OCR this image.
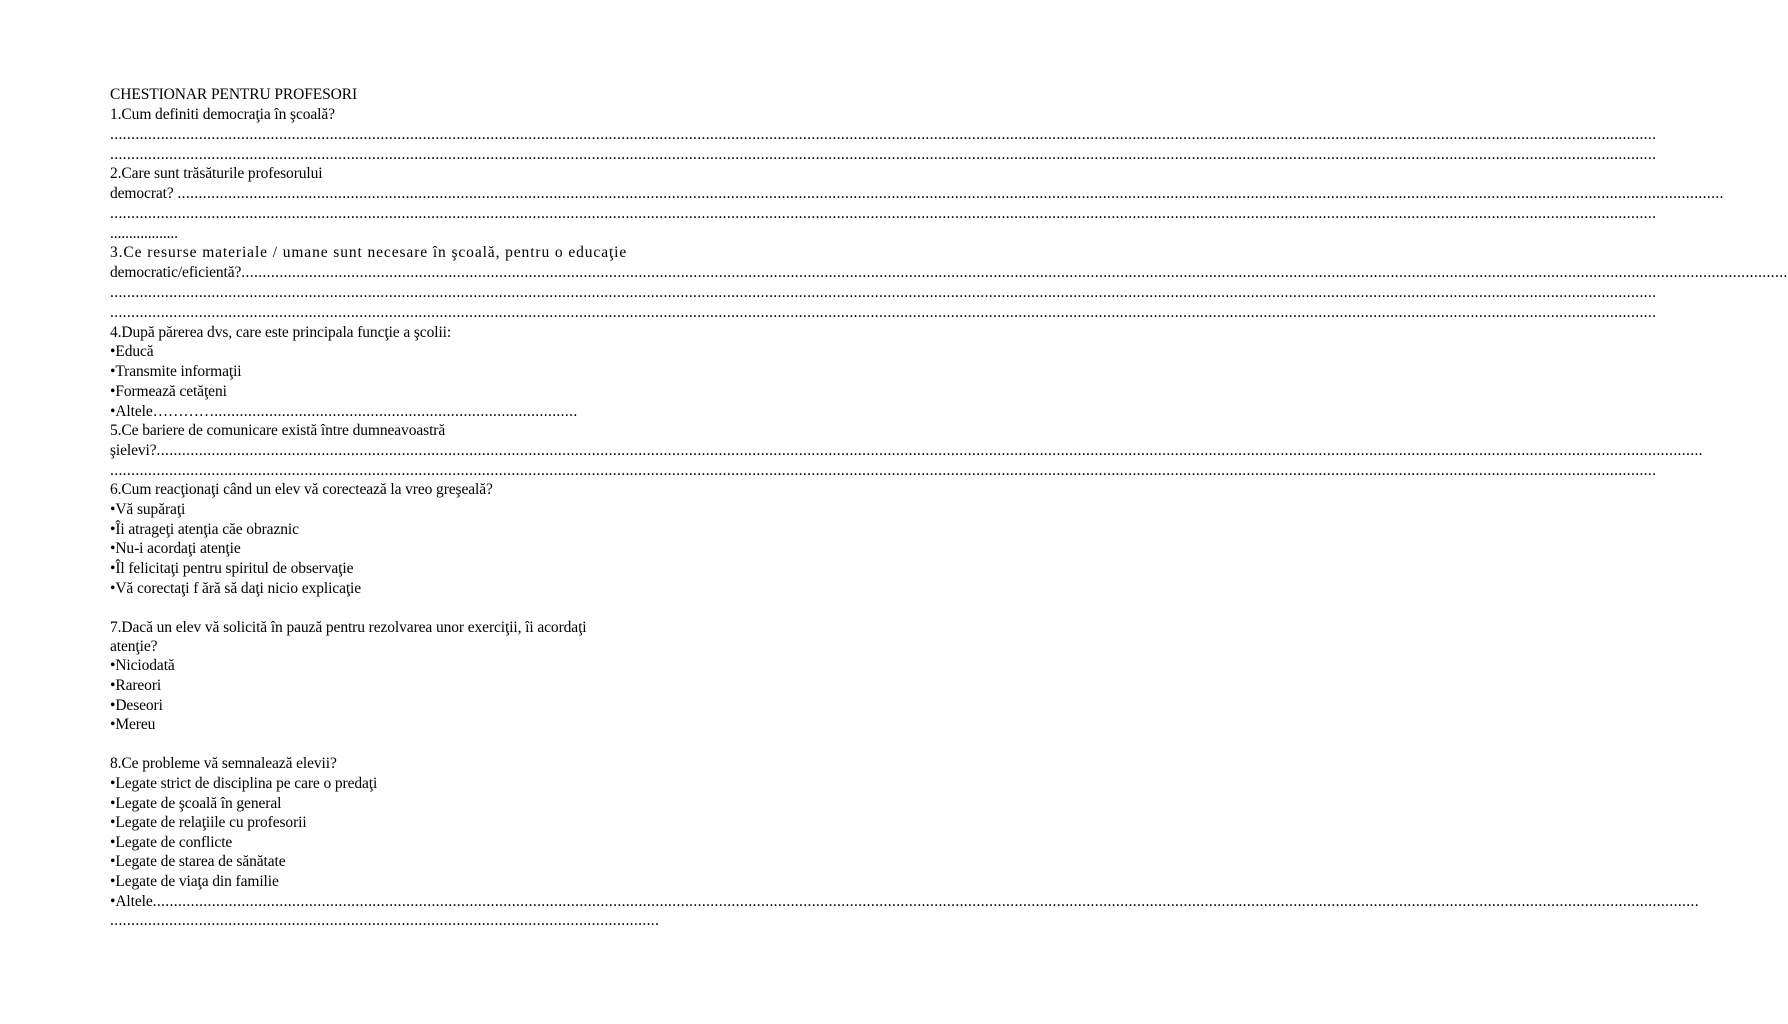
CHESTIONAR PENTRU PROFESORI
1.Cum definiti democraţia în şcoală?
..............................................................................................................................................................................................................................................................................................................................................................................
..............................................................................................................................................................................................................................................................................................................................................................................
2.Care sunt trăsăturile profesorului
democrat? ..............................................................................................................................................................................................................................................................................................................................................................................
..............................................................................................................................................................................................................................................................................................................................................................................
..................
3.Ce resurse materiale / umane sunt necesare în şcoală, pentru o educaţie
democratic/eficientă?..............................................................................................................................................................................................................................................................................................................................................................................
..............................................................................................................................................................................................................................................................................................................................................................................
..............................................................................................................................................................................................................................................................................................................................................................................
4.După părerea dvs, care este principala funcţie a şcolii:
•Educă
•Transmite informaţii
•Formează cetăţeni
•Altele…………......................................................................................
5.Ce bariere de comunicare există între dumneavoastră
şielevi?..............................................................................................................................................................................................................................................................................................................................................................................
..............................................................................................................................................................................................................................................................................................................................................................................
6.Cum reacţionaţi când un elev vă corectează la vreo greşeală?
•Vă supăraţi
•Îi atrageţi atenţia căe obraznic
•Nu-i acordaţi atenţie
•Îl felicitaţi pentru spiritul de observaţie
•Vă corectaţi f ără să daţi nicio explicaţie
7.Dacă un elev vă solicită în pauză pentru rezolvarea unor exerciţii, îi acordaţi
atenţie?
•Niciodată
•Rareori
•Deseori
•Mereu
8.Ce probleme vă semnalează elevii?
•Legate strict de disciplina pe care o predaţi
•Legate de şcoală în general
•Legate de relaţiile cu profesorii
•Legate de conflicte
•Legate de starea de sănătate
•Legate de viaţa din familie
•Altele..............................................................................................................................................................................................................................................................................................................................................................................
..................................................................................................................................
